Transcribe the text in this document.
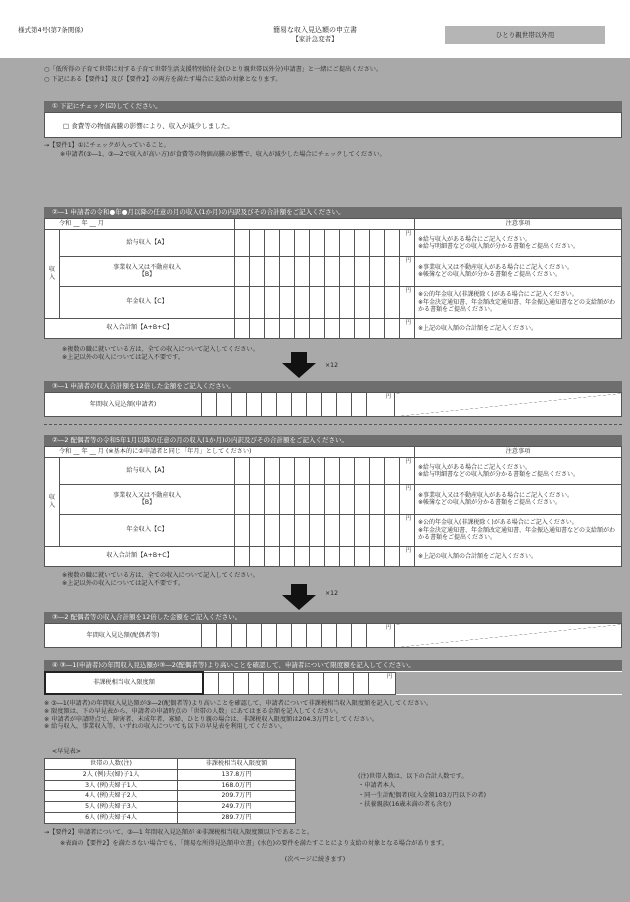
様式第4号(第7条関係)	簡易な収入見込額の申立書
【家計急変者】	ひとり親世帯以外用
○「低所得の子育て世帯に対する子育て世帯生活支援特別給付金(ひとり親世帯以外分)申請書」と一緒にご提出ください。
○ 下記にある【要件1】及び【要件2】の両方を満たす場合に支給の対象となります。
① 下記にチェック(☑)してください。
□ 食費等の物価高騰の影響により、収入が減少しました。
→【要件1】①にチェックが入っていること。
※申請者(③―1、③―2で収入が高い方)が食費等の物価高騰の影響で、収入が減少した場合にチェックしてください。
②―1 申請者の令和●年●月以降の任意の月の収入(1か月)の内訳及びその合計額をご記入ください。
令和 __ 年 __ 月														注意事項
収入	給与収入【A】												円	※給与収入がある場合にご記入ください。
※給与明細書などの収入額が分かる書類をご提出ください。
	事業収入又は不動産収入
【B】												円	※事業収入又は不動産収入がある場合にご記入ください。
※帳簿などの収入額が分かる書類をご提出ください。
	年金収入【C】												円	※公的年金収入(非課税除く)がある場合にご記入ください。
※年金決定通知書、年金額改定通知書、年金振込通知書などの支給額がわかる書類をご提出ください。
収入合計額【A+B+C】													円	※上記の収入額の合計額をご記入ください。
※複数の職に就いている方は、全ての収入について記入してください。
※上記以外の収入については記入不要です。
×12
③―1 申請者の収入合計額を12倍した金額をご記入ください。
年間収入見込額(申請者)												円	
②―2 配偶者等の令和5年1月以降の任意の月の収入(1か月)の内訳及びその合計額をご記入ください。
令和 __ 年 __ 月 (※基本的に②申請者と同じ「年月」としてください)														注意事項
収入	給与収入【A】												円	※給与収入がある場合にご記入ください。
※給与明細書などの収入額が分かる書類をご提出ください。
	事業収入又は不動産収入
【B】												円	※事業収入又は不動産収入がある場合にご記入ください。
※帳簿などの収入額が分かる書類をご提出ください。
	年金収入【C】												円	※公的年金収入(非課税除く)がある場合にご記入ください。
※年金決定通知書、年金額改定通知書、年金振込通知書などの支給額がわかる書類をご提出ください。
収入合計額【A+B+C】													円	※上記の収入額の合計額をご記入ください。
※複数の職に就いている方は、全ての収入について記入してください。
※上記以外の収入については記入不要です。
×12
③―2 配偶者等の収入合計額を12倍した金額をご記入ください。
年間収入見込額(配偶者等)												円	
④ ③―1(申請者)の年間収入見込額が③―2(配偶者等)より高いことを確認して、申請者について限度額を記入してください。
非課税相当収入限度額												円	
※ ③―1(申請者)の年間収入見込額が③―2(配偶者等)より高いことを確認して、申請者について非課税相当収入限度額を記入してください。
※ 限度額は、下の早見表から、申請者の申請時点の「世帯の人数」にあてはまる金額を記入してください。
※ 申請者が申請時点で、障害者、未成年者、寡婦、ひとり親の場合は、非課税収入限度額は204.3万円としてください。
※ 給与収入、事業収入等、いずれの収入についても以下の早見表を利用してください。
<早見表>
世帯の人数(注)	非課税相当収入限度額
2人 (例)夫(婦)子1人	137.8万円
3人 (例)夫婦子1人	168.0万円
4人 (例)夫婦子2人	209.7万円
5人 (例)夫婦子3人	249.7万円
6人 (例)夫婦子4人	289.7万円
(注)世帯人数は、以下の合計人数です。
・申請者本人
・同一生計配偶者(収入金額103万円以下の者)
・扶養親族(16歳未満の者も含む)
→【要件2】申請者について、③―1 年間収入見込額が ④非課税相当収入限度額以下であること。
※表面の【要件2】を満たさない場合でも、「簡易な所得見込額申立書」(水色)の要件を満たすことにより支給の対象となる場合があります。
(次ページに続きます)
